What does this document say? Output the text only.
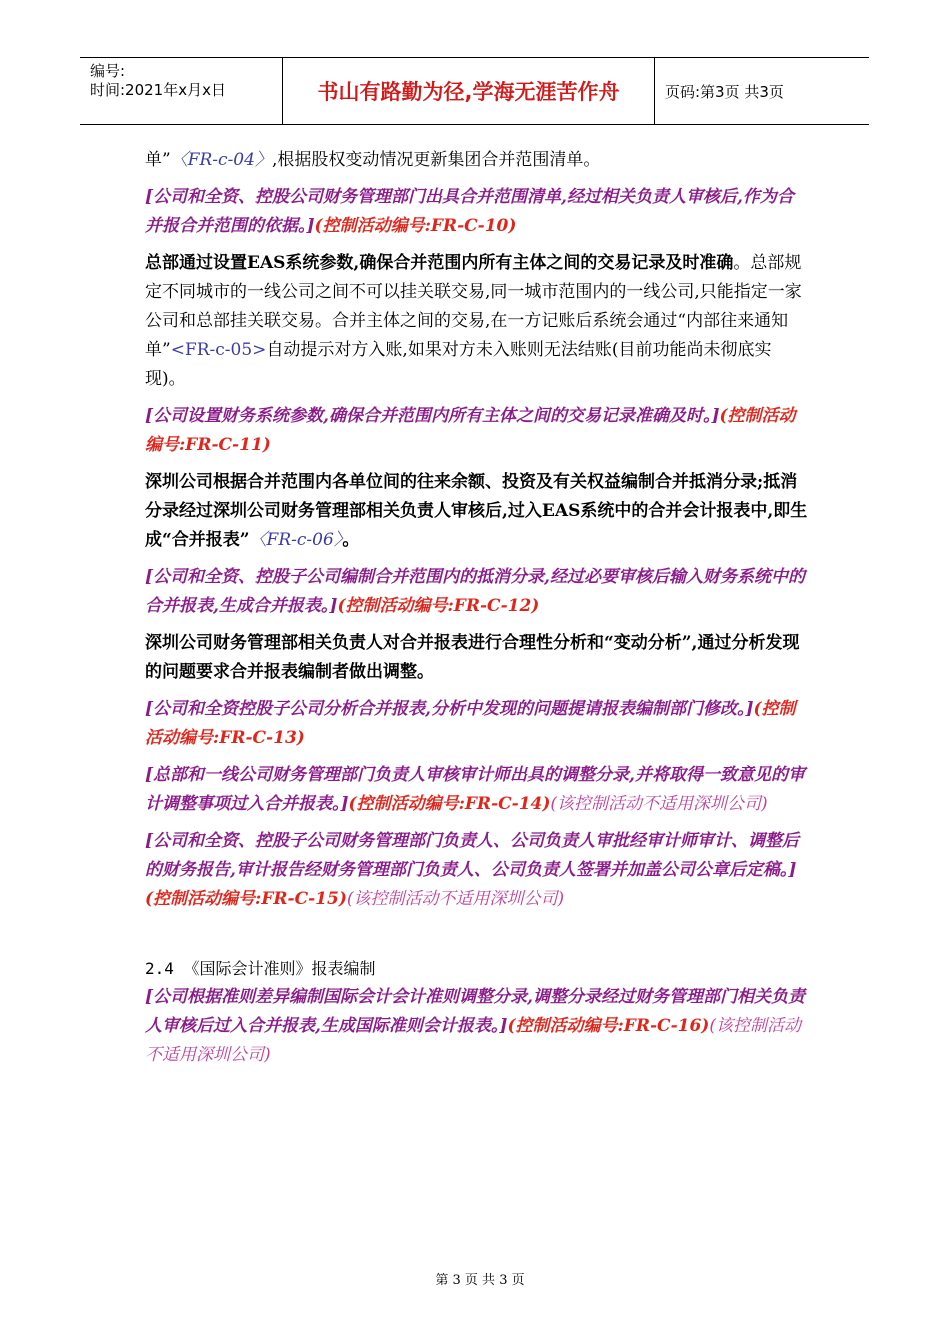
编号:
时间:2021年x月x日	书山有路勤为径,学海无涯苦作舟	页码:第3页 共3页

单”〈FR-c-04〉,根据股权变动情况更新集团合并范围清单。

[公司和全资、控股公司财务管理部门出具合并范围清单,经过相关负责人审核后,作为合并报合并范围的依据。](控制活动编号:FR-C-10)

总部通过设置EAS系统参数,确保合并范围内所有主体之间的交易记录及时准确。总部规定不同城市的一线公司之间不可以挂关联交易,同一城市范围内的一线公司,只能指定一家公司和总部挂关联交易。合并主体之间的交易,在一方记账后系统会通过“内部往来通知单”<FR-c-05>自动提示对方入账,如果对方未入账则无法结账(目前功能尚未彻底实现)。

[公司设置财务系统参数,确保合并范围内所有主体之间的交易记录准确及时。](控制活动编号:FR-C-11)

深圳公司根据合并范围内各单位间的往来余额、投资及有关权益编制合并抵消分录;抵消分录经过深圳公司财务管理部相关负责人审核后,过入EAS系统中的合并会计报表中,即生成“合并报表”〈FR-c-06〉。

[公司和全资、控股子公司编制合并范围内的抵消分录,经过必要审核后输入财务系统中的合并报表,生成合并报表。](控制活动编号:FR-C-12)

深圳公司财务管理部相关负责人对合并报表进行合理性分析和“变动分析”,通过分析发现的问题要求合并报表编制者做出调整。

[公司和全资控股子公司分析合并报表,分析中发现的问题提请报表编制部门修改。](控制活动编号:FR-C-13)

[总部和一线公司财务管理部门负责人审核审计师出具的调整分录,并将取得一致意见的审计调整事项过入合并报表。](控制活动编号:FR-C-14)(该控制活动不适用深圳公司)

[公司和全资、控股子公司财务管理部门负责人、公司负责人审批经审计师审计、调整后的财务报告,审计报告经财务管理部门负责人、公司负责人签署并加盖公司公章后定稿。](控制活动编号:FR-C-15)(该控制活动不适用深圳公司)

2.4 《国际会计准则》报表编制

[公司根据准则差异编制国际会计会计准则调整分录,调整分录经过财务管理部门相关负责人审核后过入合并报表,生成国际准则会计报表。](控制活动编号:FR-C-16)(该控制活动不适用深圳公司)

第 3 页 共 3 页
